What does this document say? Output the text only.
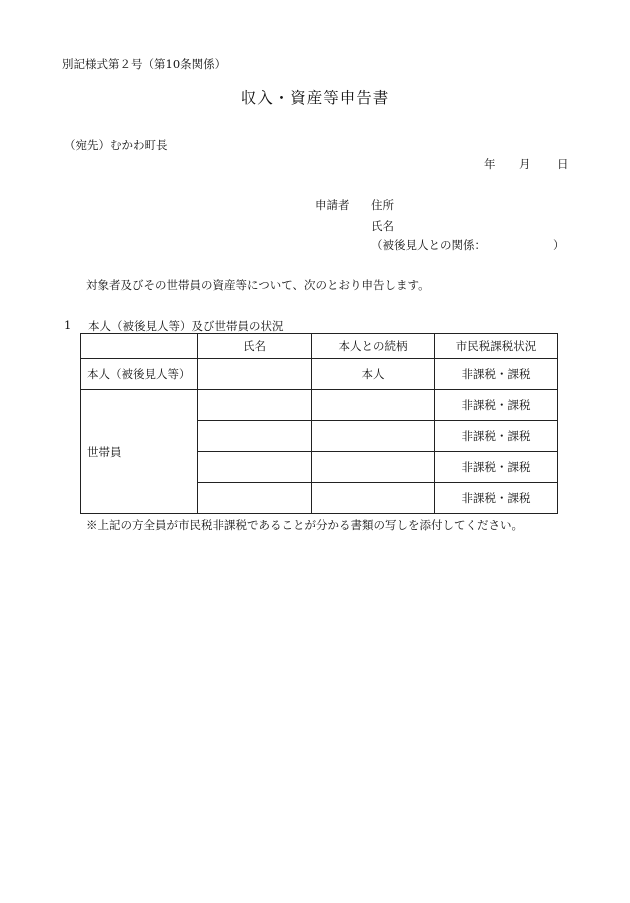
別記様式第２号（第10条関係）
収入・資産等申告書
（宛先）むかわ町長
年 月 日
申請者 住所
氏名
（被後見人との関係：	）
対象者及びその世帯員の資産等について、次のとおり申告します。
1 本人（被後見人等）及び世帯員の状況
	氏名	本人との続柄	市民税課税状況
本人（被後見人等）		本人	非課税・課税
世帯員			非課税・課税
			非課税・課税
			非課税・課税
			非課税・課税
※上記の方全員が市民税非課税であることが分かる書類の写しを添付してください。
